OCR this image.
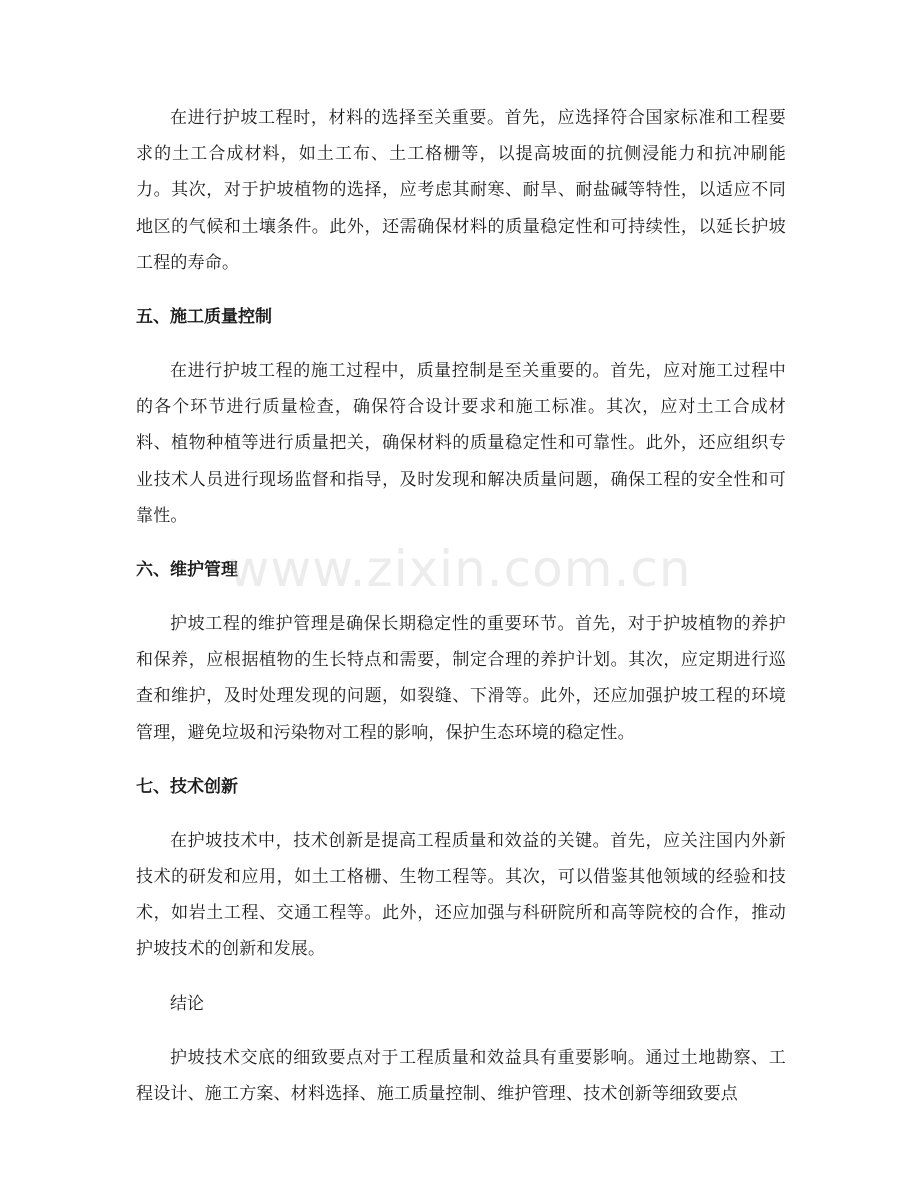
在进行护坡工程时，材料的选择至关重要。首先，应选择符合国家标准和工程要求的土工合成材料，如土工布、土工格栅等，以提高坡面的抗侧浸能力和抗冲刷能力。其次，对于护坡植物的选择，应考虑其耐寒、耐旱、耐盐碱等特性，以适应不同地区的气候和土壤条件。此外，还需确保材料的质量稳定性和可持续性，以延长护坡工程的寿命。

五、施工质量控制

在进行护坡工程的施工过程中，质量控制是至关重要的。首先，应对施工过程中的各个环节进行质量检查，确保符合设计要求和施工标准。其次，应对土工合成材料、植物种植等进行质量把关，确保材料的质量稳定性和可靠性。此外，还应组织专业技术人员进行现场监督和指导，及时发现和解决质量问题，确保工程的安全性和可靠性。

六、维护管理

护坡工程的维护管理是确保长期稳定性的重要环节。首先，对于护坡植物的养护和保养，应根据植物的生长特点和需要，制定合理的养护计划。其次，应定期进行巡查和维护，及时处理发现的问题，如裂缝、下滑等。此外，还应加强护坡工程的环境管理，避免垃圾和污染物对工程的影响，保护生态环境的稳定性。

七、技术创新

在护坡技术中，技术创新是提高工程质量和效益的关键。首先，应关注国内外新技术的研发和应用，如土工格栅、生物工程等。其次，可以借鉴其他领域的经验和技术，如岩土工程、交通工程等。此外，还应加强与科研院所和高等院校的合作，推动护坡技术的创新和发展。

结论

护坡技术交底的细致要点对于工程质量和效益具有重要影响。通过土地勘察、工程设计、施工方案、材料选择、施工质量控制、维护管理、技术创新等细致要点

www.zixin.com.cn
